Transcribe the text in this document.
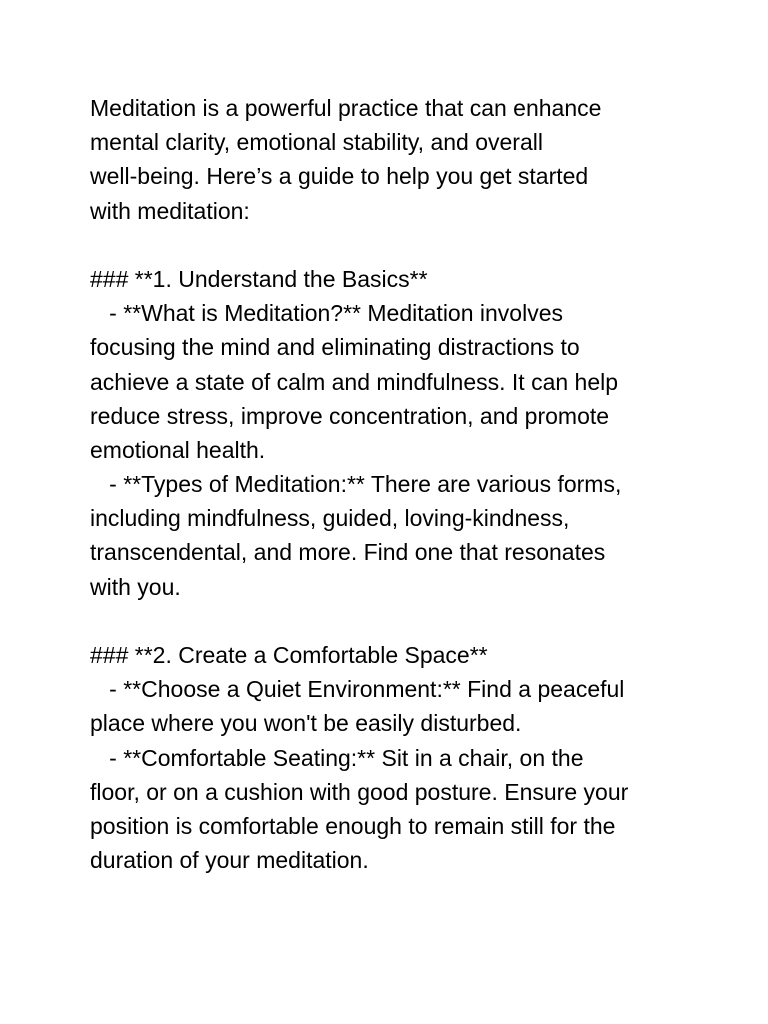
Meditation is a powerful practice that can enhance
mental clarity, emotional stability, and overall
well-being. Here’s a guide to help you get started
with meditation:
### **1. Understand the Basics**
- **What is Meditation?** Meditation involves
focusing the mind and eliminating distractions to
achieve a state of calm and mindfulness. It can help
reduce stress, improve concentration, and promote
emotional health.
- **Types of Meditation:** There are various forms,
including mindfulness, guided, loving-kindness,
transcendental, and more. Find one that resonates
with you.
### **2. Create a Comfortable Space**
- **Choose a Quiet Environment:** Find a peaceful
place where you won't be easily disturbed.
- **Comfortable Seating:** Sit in a chair, on the
floor, or on a cushion with good posture. Ensure your
position is comfortable enough to remain still for the
duration of your meditation.
